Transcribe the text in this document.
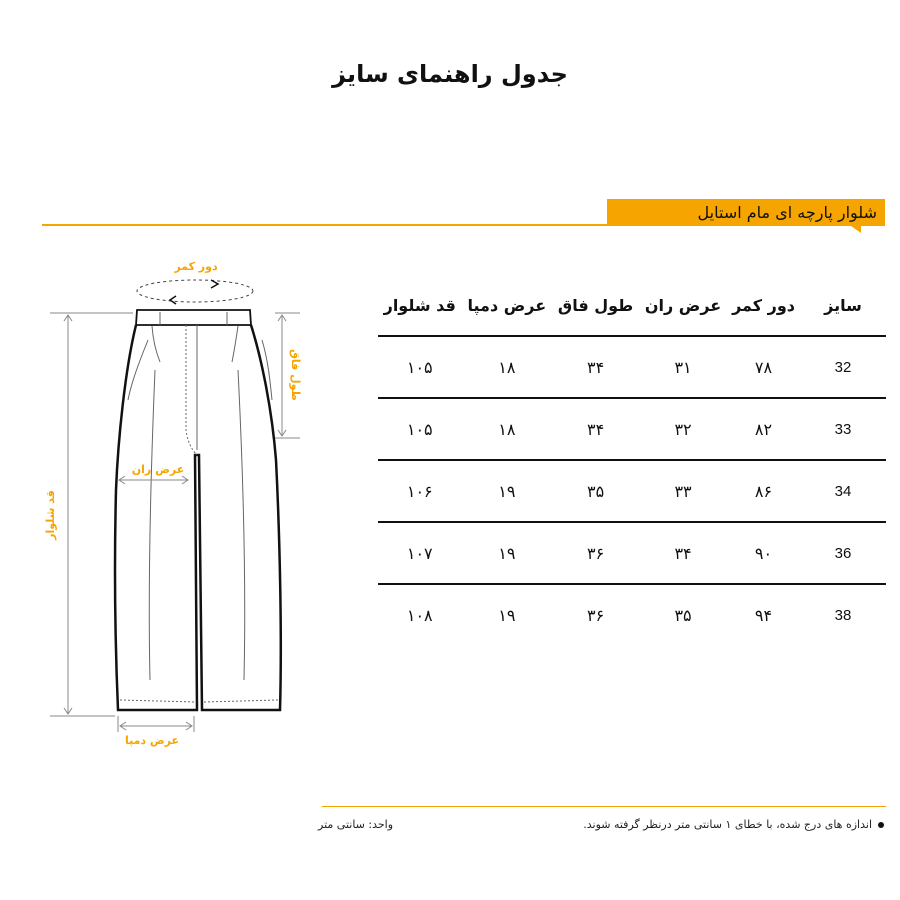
جدول راهنمای سایز
شلوار پارچه ای مام استایل
دور کمر
طول فاق
عرض ران
قد شلوار
عرض دمپا
سایز	دور کمر	عرض ران	طول فاق	عرض دمپا	قد شلوار
32	۷۸	۳۱	۳۴	۱۸	۱۰۵
33	۸۲	۳۲	۳۴	۱۸	۱۰۵
34	۸۶	۳۳	۳۵	۱۹	۱۰۶
36	۹۰	۳۴	۳۶	۱۹	۱۰۷
38	۹۴	۳۵	۳۶	۱۹	۱۰۸
اندازه های درج شده، با خطای ۱ سانتی متر درنظر گرفته شوند.
واحد: سانتی متر
